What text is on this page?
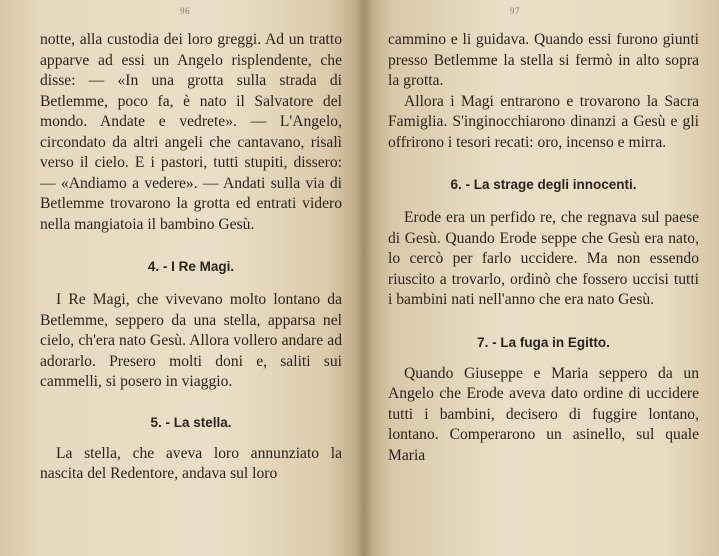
96

notte, alla custodia dei loro greggi. Ad un tratto apparve ad essi un Angelo risplendente, che disse: — «In una grotta sulla strada di Betlemme, poco fa, è nato il Salvatore del mondo. Andate e vedrete». — L'Angelo, circondato da altri angeli che cantavano, risalì verso il cielo. E i pastori, tutti stupiti, dissero: — «Andiamo a vedere». — Andati sulla via di Betlemme trovarono la grotta ed entrati videro nella mangiatoia il bambino Gesù.

4. - I Re Magi.

I Re Magi, che vivevano molto lontano da Betlemme, seppero da una stella, apparsa nel cielo, ch'era nato Gesù. Allora vollero andare ad adorarlo. Presero molti doni e, saliti sui cammelli, si posero in viaggio.

5. - La stella.

La stella, che aveva loro annunziato la nascita del Redentore, andava sul loro

97

cammino e li guidava. Quando essi furono giunti presso Betlemme la stella si fermò in alto sopra la grotta.

Allora i Magi entrarono e trovarono la Sacra Famiglia. S'inginocchiarono dinanzi a Gesù e gli offrirono i tesori recati: oro, incenso e mirra.

6. - La strage degli innocenti.

Erode era un perfido re, che regnava sul paese di Gesù. Quando Erode seppe che Gesù era nato, lo cercò per farlo uccidere. Ma non essendo riuscito a trovarlo, ordinò che fossero uccisi tutti i bambini nati nell'anno che era nato Gesù.

7. - La fuga in Egitto.

Quando Giuseppe e Maria seppero da un Angelo che Erode aveva dato ordine di uccidere tutti i bambini, decisero di fuggire lontano, lontano. Comperarono un asinello, sul quale Maria
